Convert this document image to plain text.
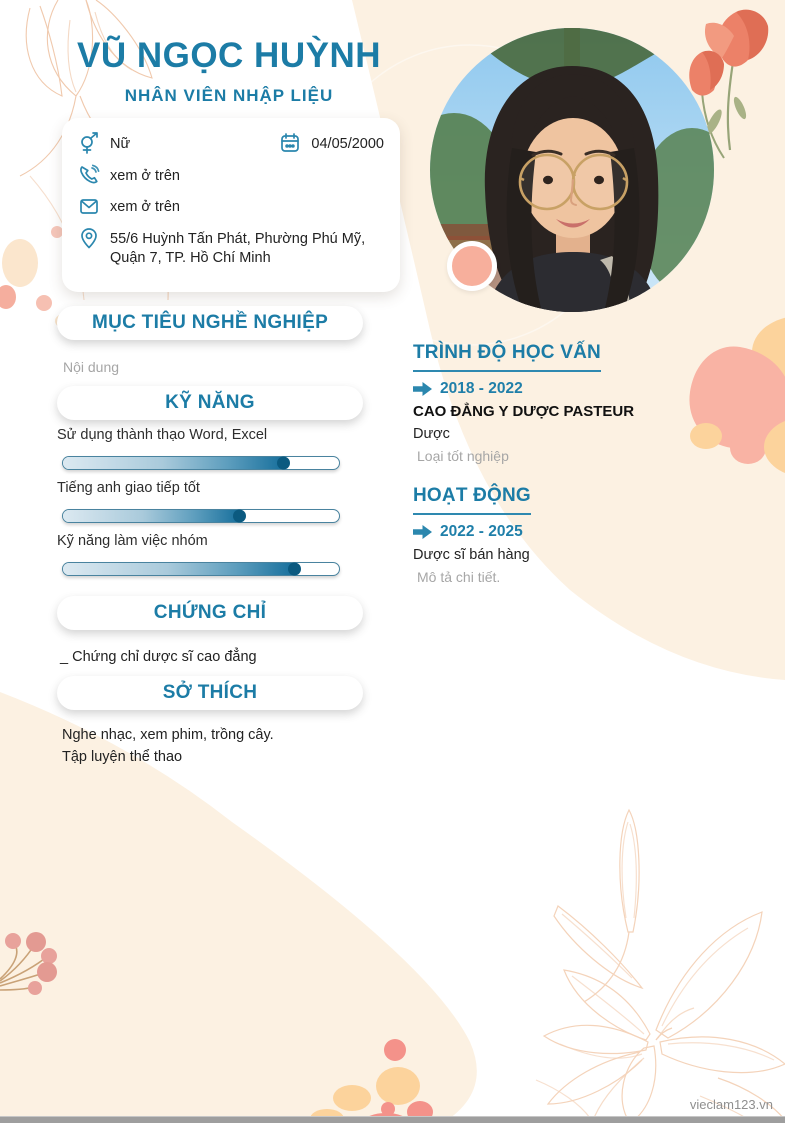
VŨ NGỌC HUỲNH
NHÂN VIÊN NHẬP LIỆU
Nữ	04/05/2000
xem ở trên
xem ở trên
55/6 Huỳnh Tấn Phát, Phường Phú Mỹ, Quận 7, TP. Hồ Chí Minh
MỤC TIÊU NGHỀ NGHIỆP
Nội dung
KỸ NĂNG
Sử dụng thành thạo Word, Excel
Tiếng anh giao tiếp tốt
Kỹ năng làm việc nhóm
CHỨNG CHỈ
_ Chứng chỉ dược sĩ cao đẳng
SỞ THÍCH
Nghe nhạc, xem phim, trồng cây.
Tập luyện thể thao
TRÌNH ĐỘ HỌC VẤN
2018 - 2022
CAO ĐẲNG Y DƯỢC PASTEUR
Dược
Loại tốt nghiệp
HOẠT ĐỘNG
2022 - 2025
Dược sĩ bán hàng
Mô tả chi tiết.
vieclam123.vn
